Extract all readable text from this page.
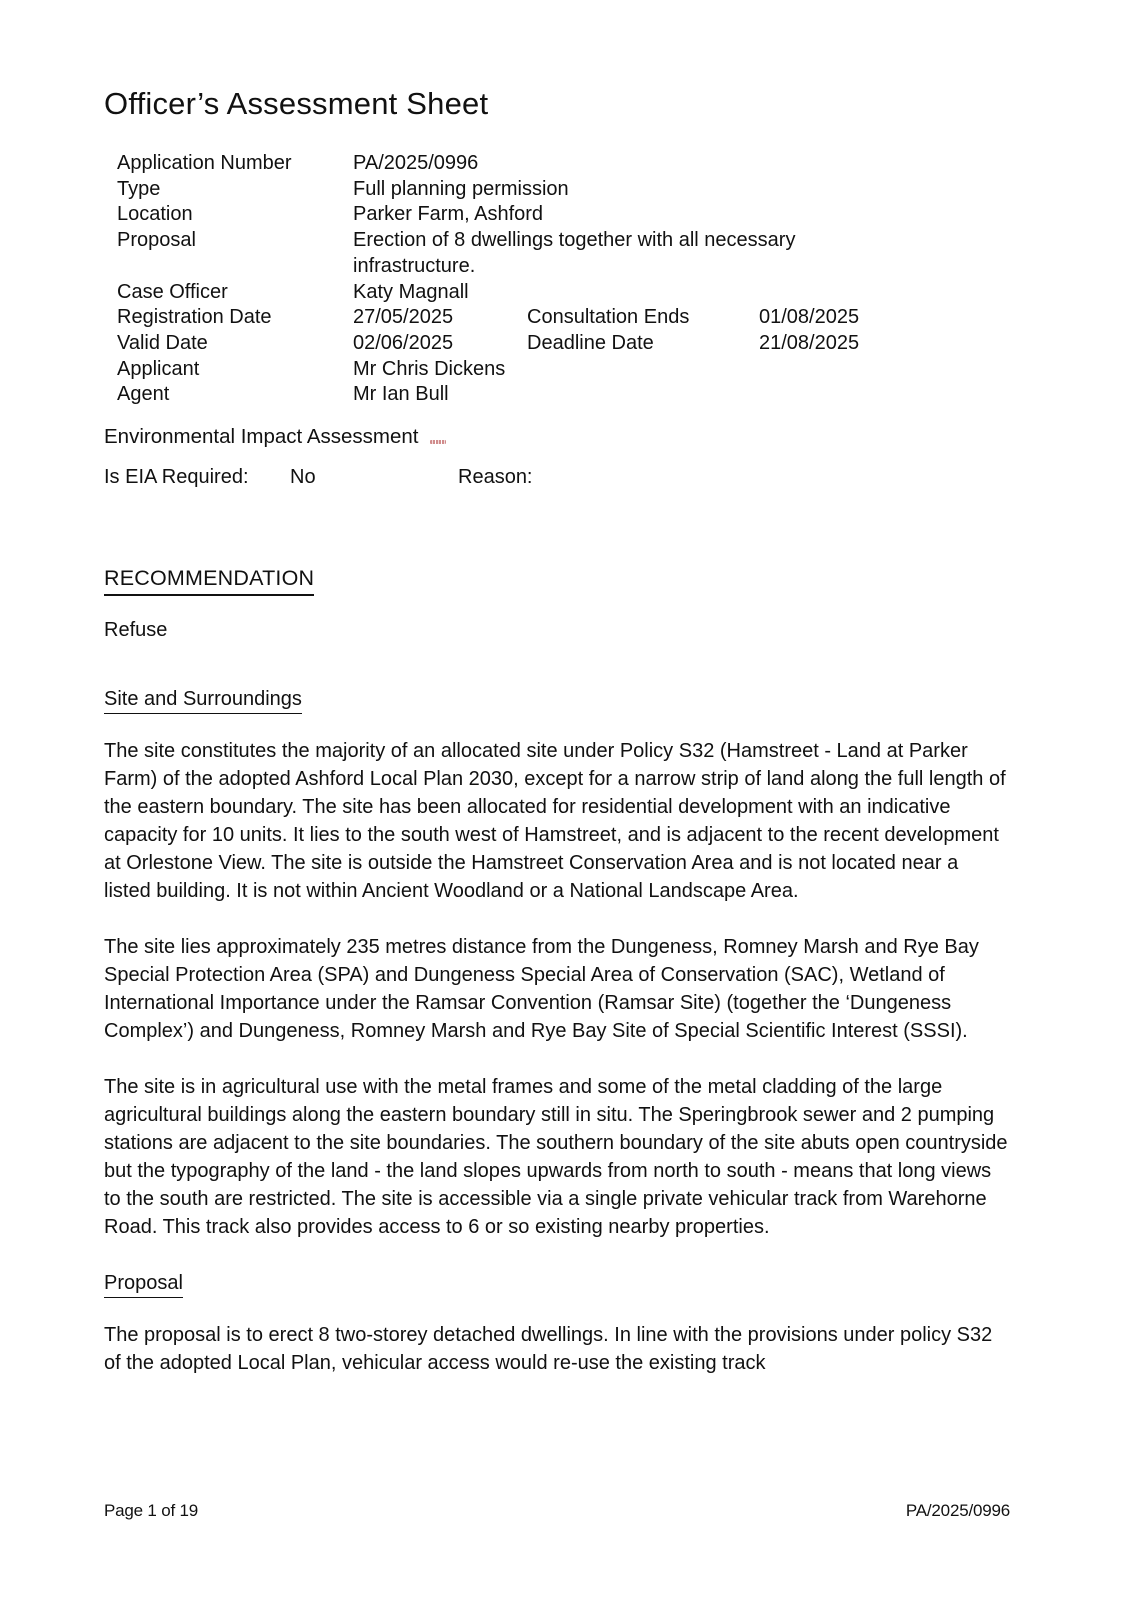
Officer’s Assessment Sheet
Application Number	PA/2025/0996
Type	Full planning permission
Location	Parker Farm, Ashford
Proposal	Erection of 8 dwellings together with all necessary infrastructure.
Case Officer	Katy Magnall
Registration Date	27/05/2025	Consultation Ends	01/08/2025
Valid Date	02/06/2025	Deadline Date	21/08/2025
Applicant	Mr Chris Dickens
Agent	Mr Ian Bull
Environmental Impact Assessment
Is EIA Required:	No	Reason:
RECOMMENDATION

Refuse

Site and Surroundings

The site constitutes the majority of an allocated site under Policy S32 (Hamstreet - Land at Parker Farm) of the adopted Ashford Local Plan 2030, except for a narrow strip of land along the full length of the eastern boundary. The site has been allocated for residential development with an indicative capacity for 10 units. It lies to the south west of Hamstreet, and is adjacent to the recent development at Orlestone View. The site is outside the Hamstreet Conservation Area and is not located near a listed building. It is not within Ancient Woodland or a National Landscape Area.

The site lies approximately 235 metres distance from the Dungeness, Romney Marsh and Rye Bay Special Protection Area (SPA) and Dungeness Special Area of Conservation (SAC), Wetland of International Importance under the Ramsar Convention (Ramsar Site) (together the ‘Dungeness Complex’) and Dungeness, Romney Marsh and Rye Bay Site of Special Scientific Interest (SSSI).

The site is in agricultural use with the metal frames and some of the metal cladding of the large agricultural buildings along the eastern boundary still in situ. The Speringbrook sewer and 2 pumping stations are adjacent to the site boundaries. The southern boundary of the site abuts open countryside but the typography of the land - the land slopes upwards from north to south - means that long views to the south are restricted. The site is accessible via a single private vehicular track from Warehorne Road. This track also provides access to 6 or so existing nearby properties.

Proposal

The proposal is to erect 8 two-storey detached dwellings. In line with the provisions under policy S32 of the adopted Local Plan, vehicular access would re-use the existing track

Page 1 of 19	PA/2025/0996
